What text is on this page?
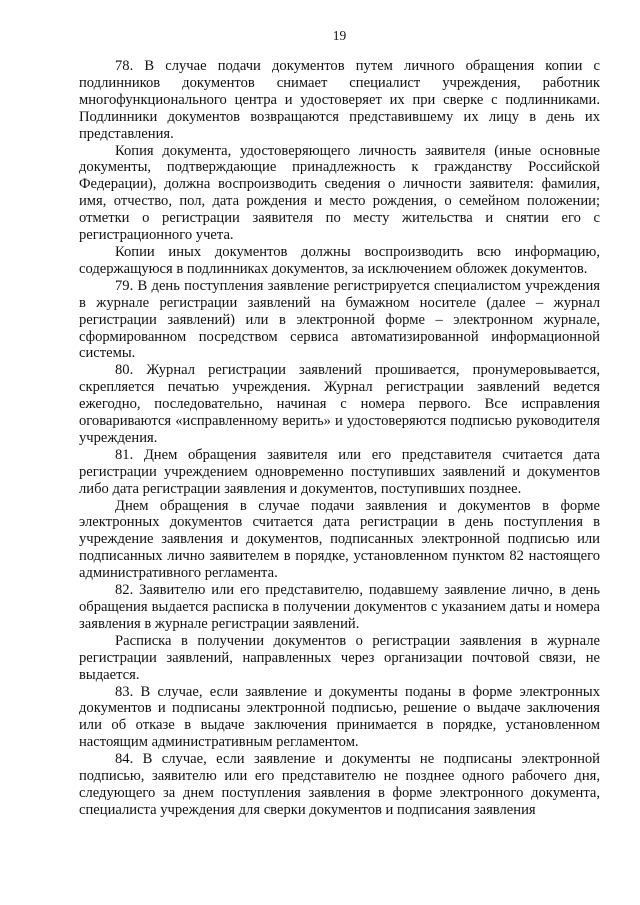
19

78. В случае подачи документов путем личного обращения копии с подлинников документов снимает специалист учреждения, работник многофункционального центра и удостоверяет их при сверке с подлинниками. Подлинники документов возвращаются представившему их лицу в день их представления.

Копия документа, удостоверяющего личность заявителя (иные основные документы, подтверждающие принадлежность к гражданству Российской Федерации), должна воспроизводить сведения о личности заявителя: фамилия, имя, отчество, пол, дата рождения и место рождения, о семейном положении; отметки о регистрации заявителя по месту жительства и снятии его с регистрационного учета.

Копии иных документов должны воспроизводить всю информацию, содержащуюся в подлинниках документов, за исключением обложек документов.

79. В день поступления заявление регистрируется специалистом учреждения в журнале регистрации заявлений на бумажном носителе (далее – журнал регистрации заявлений) или в электронной форме – электронном журнале, сформированном посредством сервиса автоматизированной информационной системы.

80. Журнал регистрации заявлений прошивается, пронумеровывается, скрепляется печатью учреждения. Журнал регистрации заявлений ведется ежегодно, последовательно, начиная с номера первого. Все исправления оговариваются «исправленному верить» и удостоверяются подписью руководителя учреждения.

81. Днем обращения заявителя или его представителя считается дата регистрации учреждением одновременно поступивших заявлений и документов либо дата регистрации заявления и документов, поступивших позднее.

Днем обращения в случае подачи заявления и документов в форме электронных документов считается дата регистрации в день поступления в учреждение заявления и документов, подписанных электронной подписью или подписанных лично заявителем в порядке, установленном пунктом 82 настоящего административного регламента.

82. Заявителю или его представителю, подавшему заявление лично, в день обращения выдается расписка в получении документов с указанием даты и номера заявления в журнале регистрации заявлений.

Расписка в получении документов о регистрации заявления в журнале регистрации заявлений, направленных через организации почтовой связи, не выдается.

83. В случае, если заявление и документы поданы в форме электронных документов и подписаны электронной подписью, решение о выдаче заключения или об отказе в выдаче заключения принимается в порядке, установленном настоящим административным регламентом.

84. В случае, если заявление и документы не подписаны электронной подписью, заявителю или его представителю не позднее одного рабочего дня, следующего за днем поступления заявления в форме электронного документа, специалиста учреждения для сверки документов и подписания заявления
